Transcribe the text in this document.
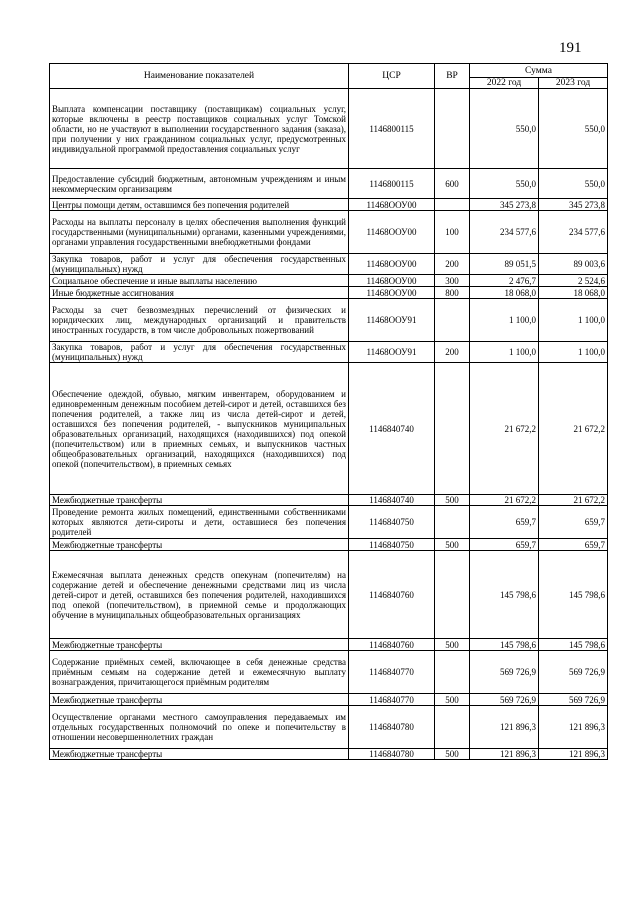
191
Наименование показателей	ЦСР	ВР	Сумма	
			2022 год	2023 год
Выплата компенсации поставщику (поставщикам) социальных услуг, которые включены в реестр поставщиков социальных услуг Томской области, но не участвуют в выполнении государственного задания (заказа), при получении у них гражданином социальных услуг, предусмотренных индивидуальной программой предоставления социальных услуг	1146800115		550,0	550,0
Предоставление субсидий бюджетным, автономным учреждениям и иным некоммерческим организациям	1146800115	600	550,0	550,0
Центры помощи детям, оставшимся без попечения родителей	11468ООУ00		345 273,8	345 273,8
Расходы на выплаты персоналу в целях обеспечения выполнения функций государственными (муниципальными) органами, казенными учреждениями, органами управления государственными внебюджетными фондами	11468ООУ00	100	234 577,6	234 577,6
Закупка товаров, работ и услуг для обеспечения государственных (муниципальных) нужд	11468ООУ00	200	89 051,5	89 003,6
Социальное обеспечение и иные выплаты населению	11468ООУ00	300	2 476,7	2 524,6
Иные бюджетные ассигнования	11468ООУ00	800	18 068,0	18 068,0
Расходы за счет безвозмездных перечислений от физических и юридических лиц, международных организаций и правительств иностранных государств, в том числе добровольных пожертвований	11468ООУ91		1 100,0	1 100,0
Закупка товаров, работ и услуг для обеспечения государственных (муниципальных) нужд	11468ООУ91	200	1 100,0	1 100,0
Обеспечение одеждой, обувью, мягким инвентарем, оборудованием и единовременным денежным пособием детей-сирот и детей, оставшихся без попечения родителей, а также лиц из числа детей-сирот и детей, оставшихся без попечения родителей, - выпускников муниципальных образовательных организаций, находящихся (находившихся) под опекой (попечительством) или в приемных семьях, и выпускников частных общеобразовательных организаций, находящихся (находившихся) под опекой (попечительством), в приемных семьях	1146840740		21 672,2	21 672,2
Межбюджетные трансферты	1146840740	500	21 672,2	21 672,2
Проведение ремонта жилых помещений, единственными собственниками которых являются дети-сироты и дети, оставшиеся без попечения родителей	1146840750		659,7	659,7
Межбюджетные трансферты	1146840750	500	659,7	659,7
Ежемесячная выплата денежных средств опекунам (попечителям) на содержание детей и обеспечение денежными средствами лиц из числа детей-сирот и детей, оставшихся без попечения родителей, находившихся под опекой (попечительством), в приемной семье и продолжающих обучение в муниципальных общеобразовательных организациях	1146840760		145 798,6	145 798,6
Межбюджетные трансферты	1146840760	500	145 798,6	145 798,6
Содержание приёмных семей, включающее в себя денежные средства приёмным семьям на содержание детей и ежемесячную выплату вознаграждения, причитающегося приёмным родителям	1146840770		569 726,9	569 726,9
Межбюджетные трансферты	1146840770	500	569 726,9	569 726,9
Осуществление органами местного самоуправления передаваемых им отдельных государственных полномочий по опеке и попечительству в отношении несовершеннолетних граждан	1146840780		121 896,3	121 896,3
Межбюджетные трансферты	1146840780	500	121 896,3	121 896,3
